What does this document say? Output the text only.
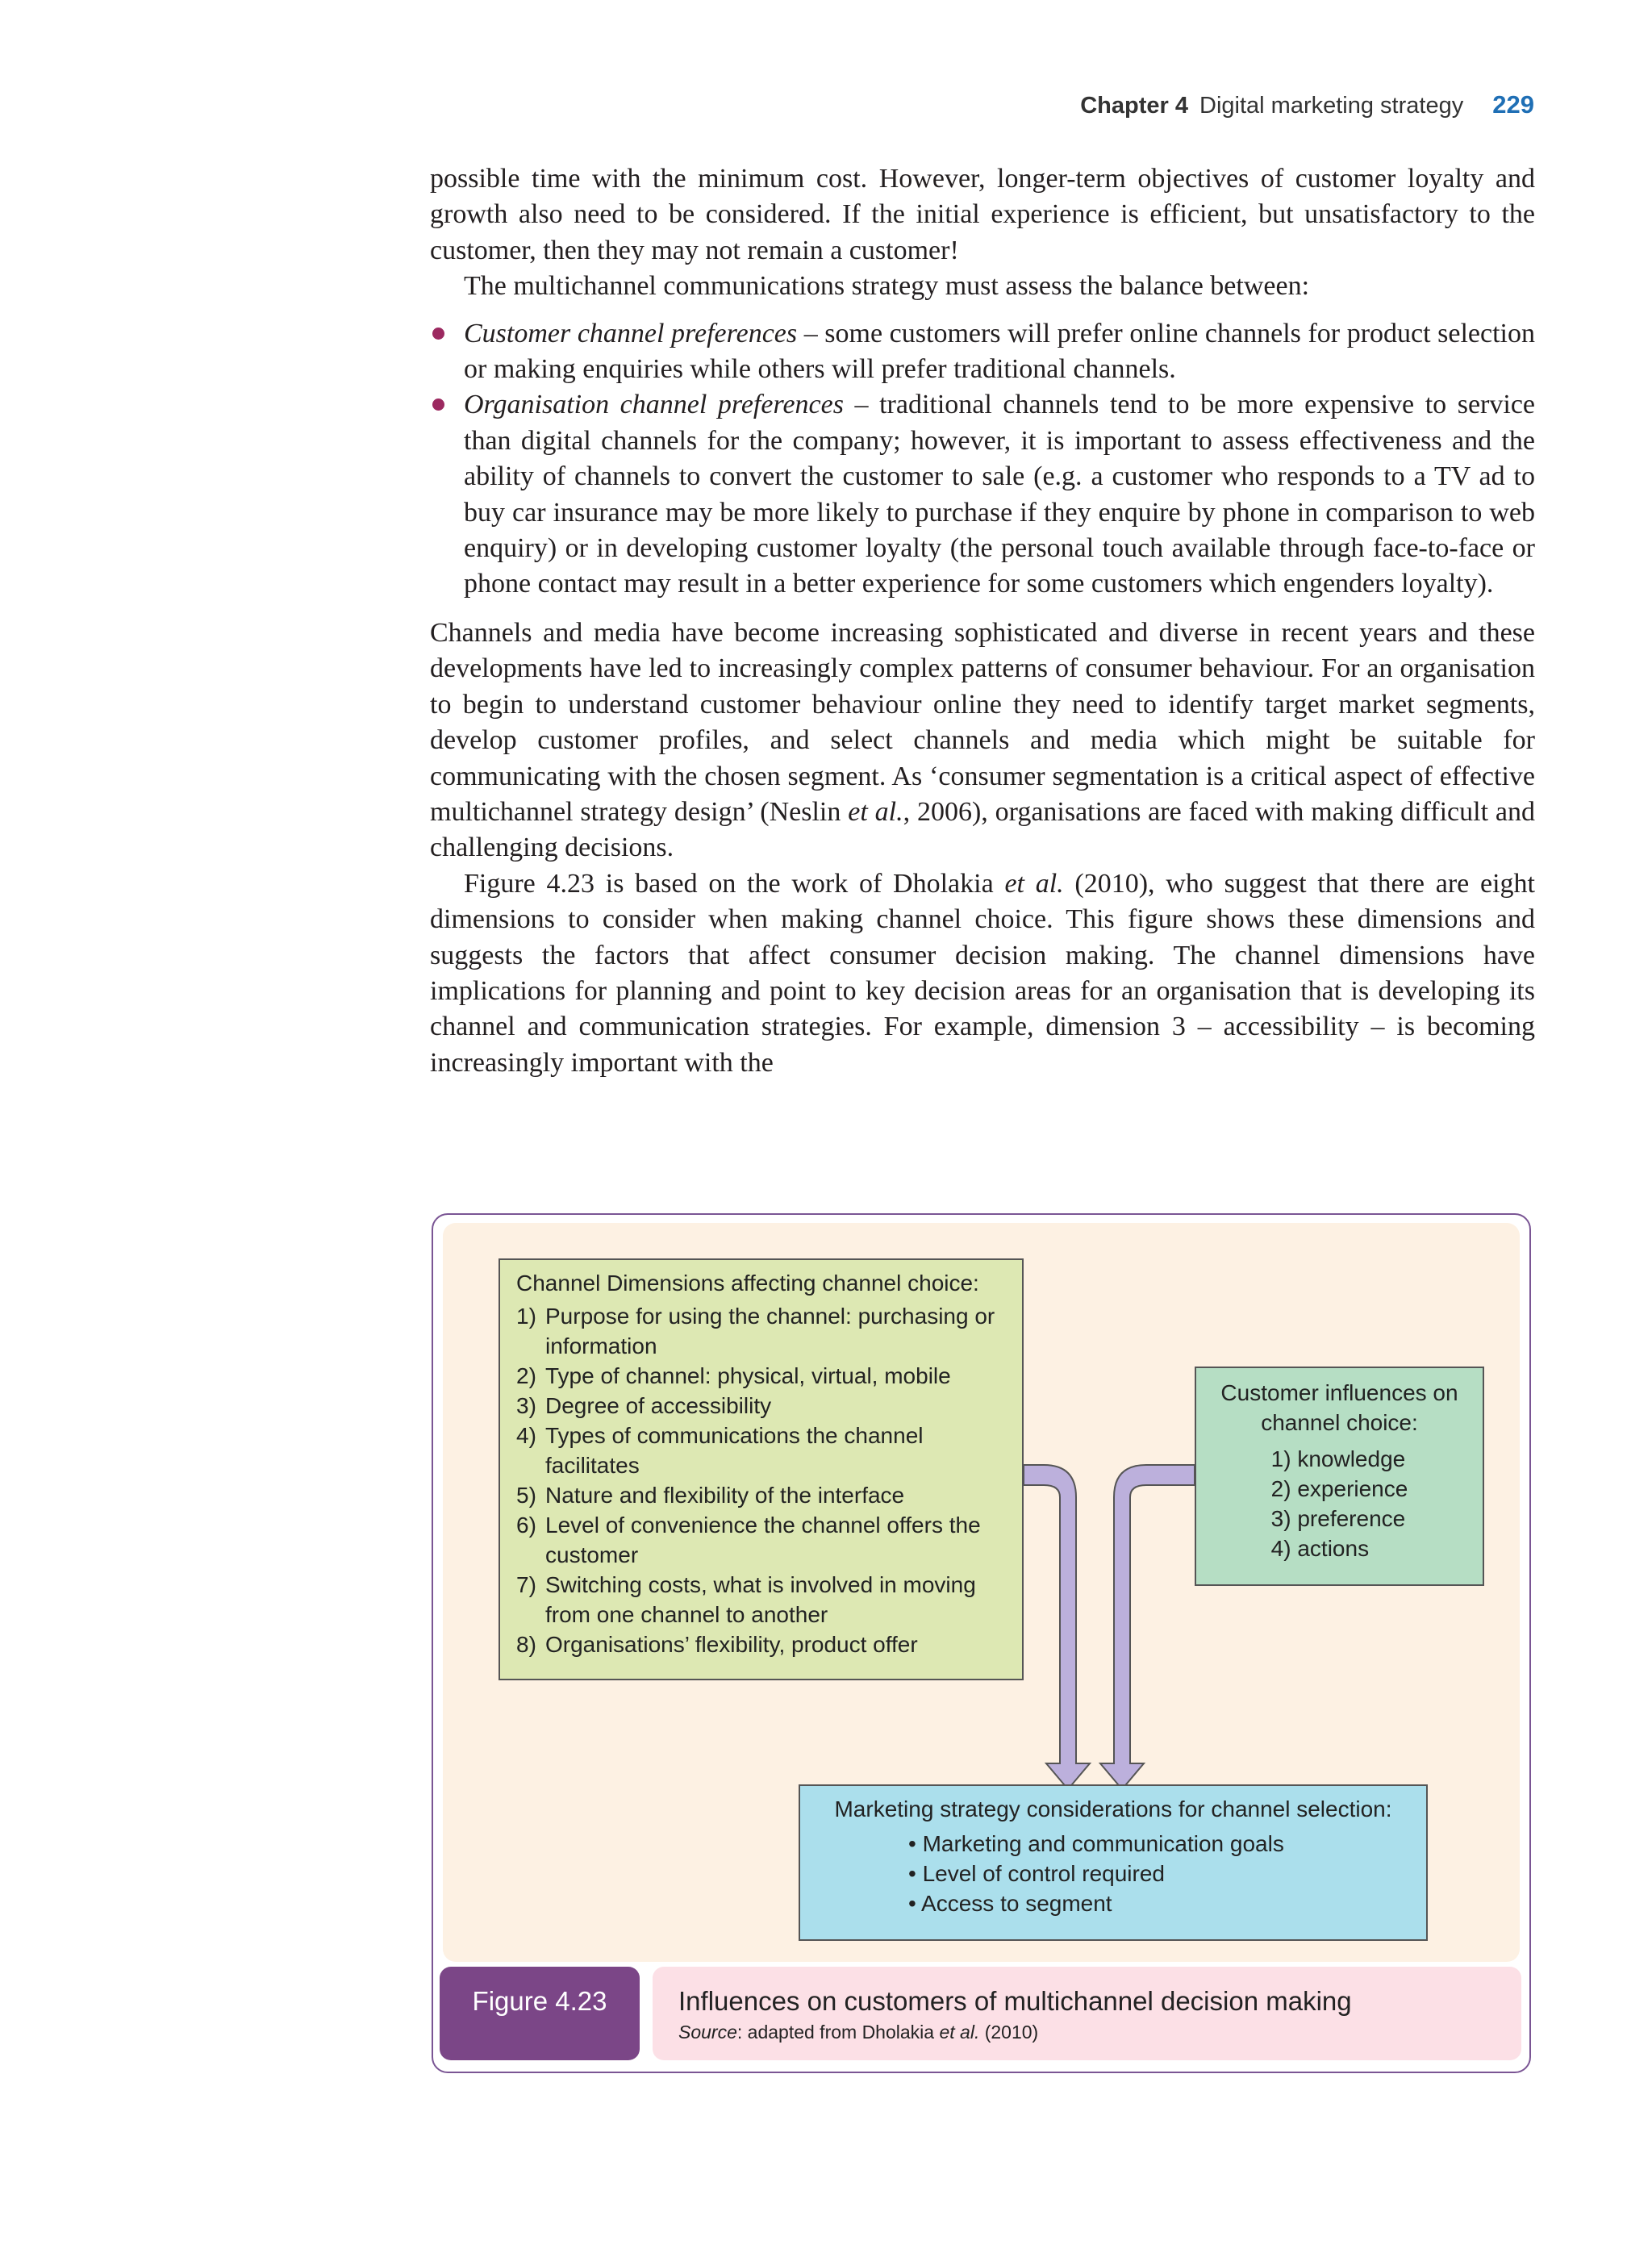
Chapter 4 Digital marketing strategy 229

possible time with the minimum cost. However, longer-term objectives of customer loyalty and growth also need to be considered. If the initial experience is efficient, but unsatisfactory to the customer, then they may not remain a customer!

The multichannel communications strategy must assess the balance between:

Customer channel preferences – some customers will prefer online channels for product selection or making enquiries while others will prefer traditional channels.
Organisation channel preferences – traditional channels tend to be more expensive to service than digital channels for the company; however, it is important to assess effectiveness and the ability of channels to convert the customer to sale (e.g. a customer who responds to a TV ad to buy car insurance may be more likely to purchase if they enquire by phone in comparison to web enquiry) or in developing customer loyalty (the personal touch available through face-to-face or phone contact may result in a better experience for some customers which engenders loyalty).

Channels and media have become increasing sophisticated and diverse in recent years and these developments have led to increasingly complex patterns of consumer behaviour. For an organisation to begin to understand customer behaviour online they need to identify target market segments, develop customer profiles, and select channels and media which might be suitable for communicating with the chosen segment. As ‘consumer segmentation is a critical aspect of effective multichannel strategy design’ (Neslin et al., 2006), organisations are faced with making difficult and challenging decisions.

Figure 4.23 is based on the work of Dholakia et al. (2010), who suggest that there are eight dimensions to consider when making channel choice. This figure shows these dimensions and suggests the factors that affect consumer decision making. The channel dimensions have implications for planning and point to key decision areas for an organisation that is developing its channel and communication strategies. For example, dimension 3 – accessibility – is becoming increasingly important with the

Channel Dimensions affecting channel choice:

1) Purpose for using the channel: purchasing or information
2) Type of channel: physical, virtual, mobile
3) Degree of accessibility
4) Types of communications the channel facilitates
5) Nature and flexibility of the interface
6) Level of convenience the channel offers the customer
7) Switching costs, what is involved in moving from one channel to another
8) Organisations’ flexibility, product offer
Customer influences on
channel choice:
1) knowledge
2) experience
3) preference
4) actions
Marketing strategy considerations for channel selection:
• Marketing and communication goals
• Level of control required
• Access to segment
Figure 4.23	Influences on customers of multichannel decision making
Source: adapted from Dholakia et al. (2010)
